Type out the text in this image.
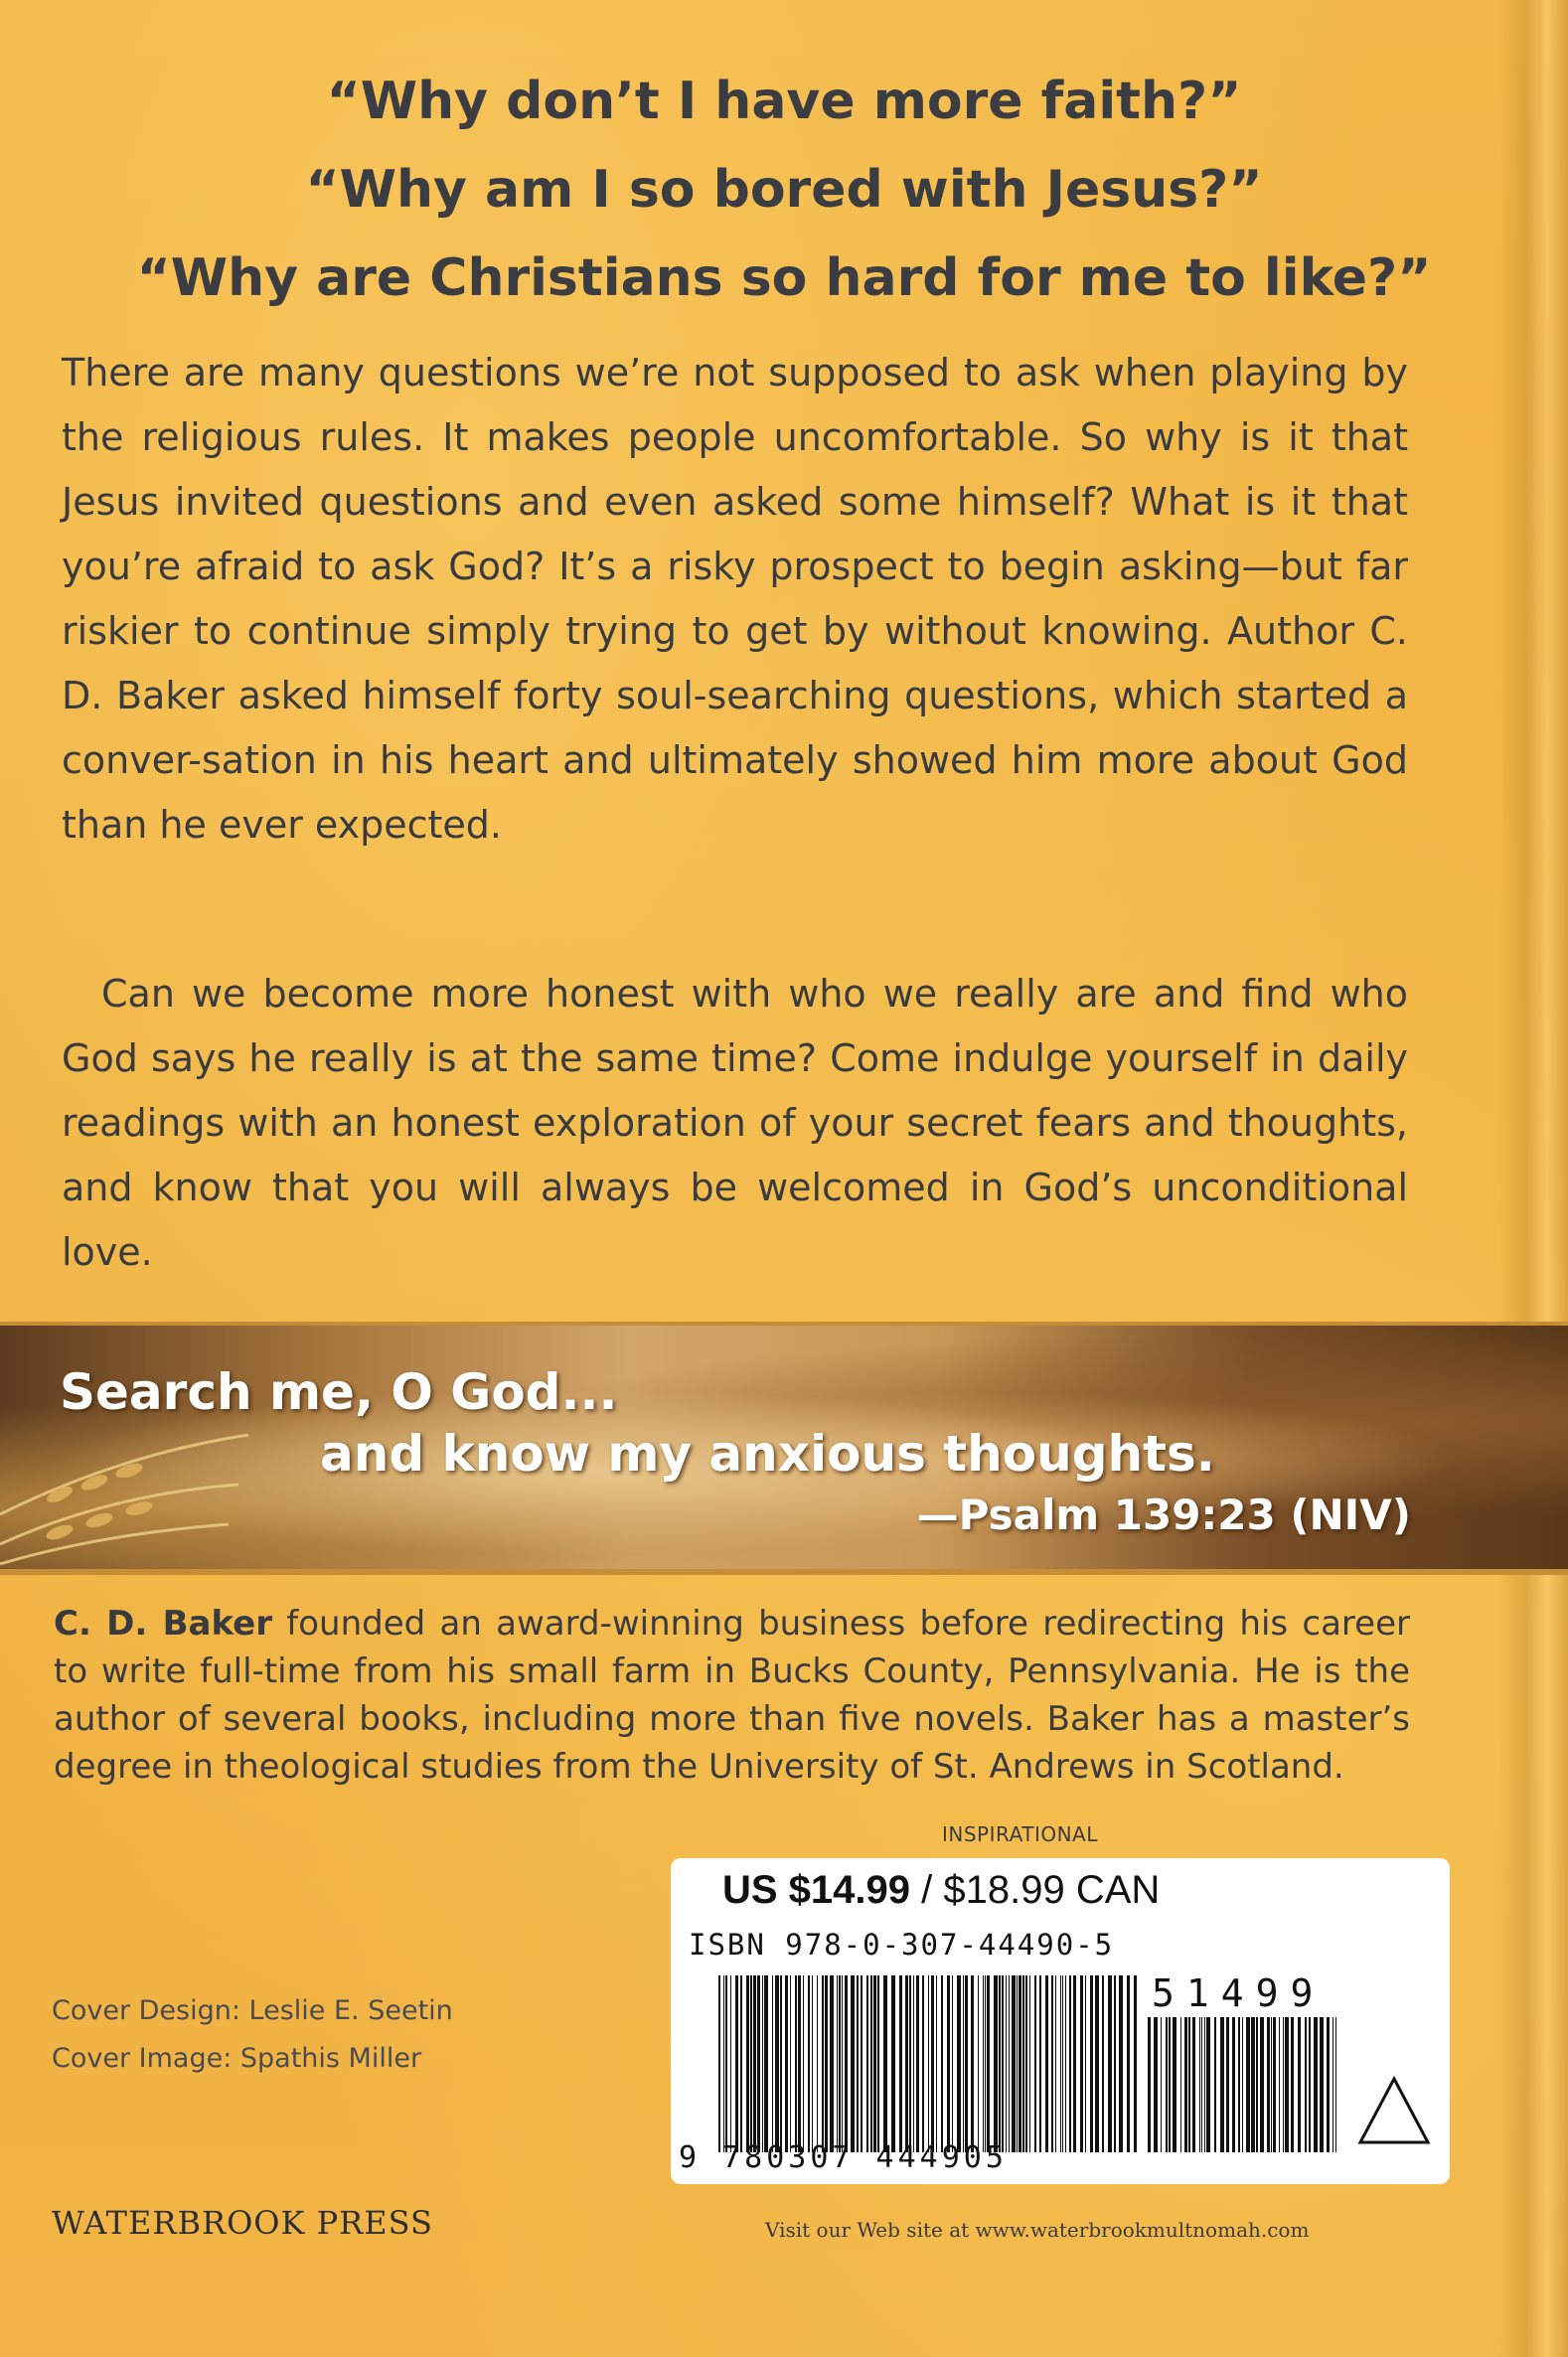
“Why don’t I have more faith?”
“Why am I so bored with Jesus?”
“Why are Christians so hard for me to like?”

There are many questions we’re not supposed to ask when playing by the religious rules. It makes people uncomfortable. So why is it that Jesus invited questions and even asked some himself? What is it that you’re afraid to ask God? It’s a risky prospect to begin asking—but far riskier to continue simply trying to get by without knowing. Author C. D. Baker asked himself forty soul-searching questions, which started a conver-sation in his heart and ultimately showed him more about God than he ever expected.

Can we become more honest with who we really are and find who God says he really is at the same time? Come indulge yourself in daily readings with an honest exploration of your secret fears and thoughts, and know that you will always be welcomed in God’s unconditional love.

Search me, O God...
and know my anxious thoughts.
—Psalm 139:23 (NIV)

C. D. Baker founded an award-winning business before redirecting his career to write full-time from his small farm in Bucks County, Pennsylvania. He is the author of several books, including more than five novels. Baker has a master’s degree in theological studies from the University of St. Andrews in Scotland.

INSPIRATIONAL
US $14.99 / $18.99 CAN
ISBN 978-0-307-44490-5
51499
9 780307 444905
Visit our Web site at www.waterbrookmultnomah.com
Cover Design: Leslie E. Seetin
Cover Image: Spathis Miller
WATERBROOK PRESS
